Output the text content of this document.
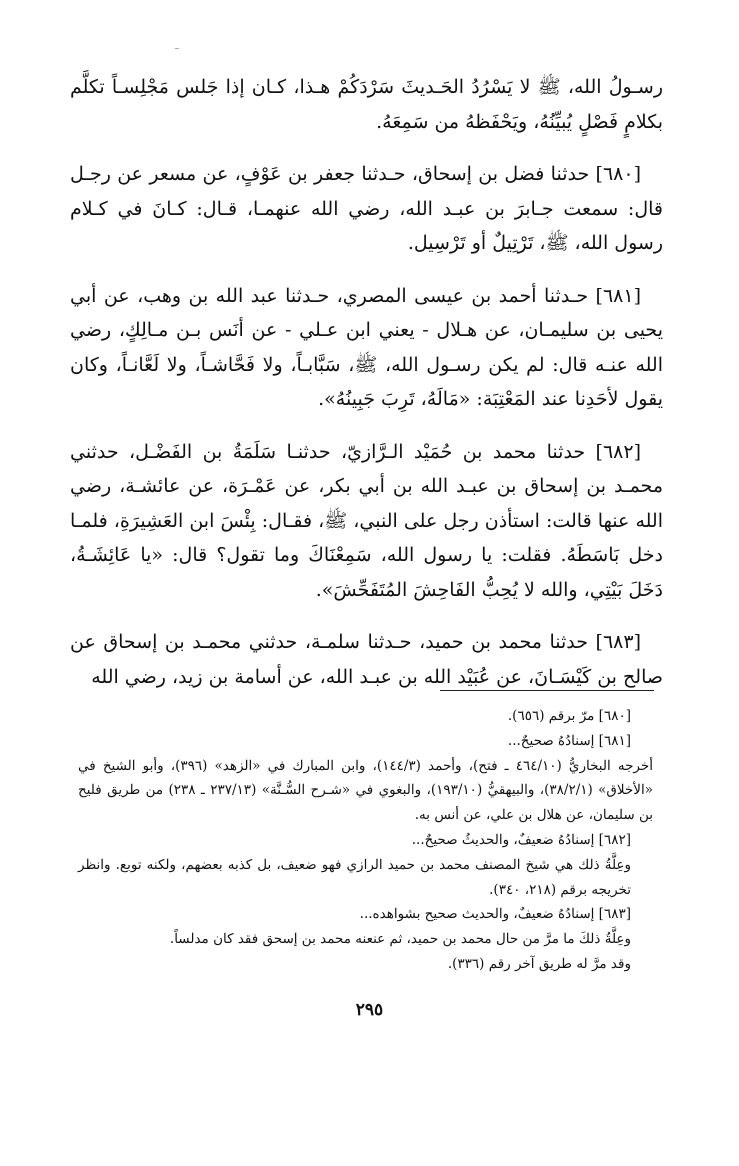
رسـولُ الله، ﷺ لا يَسْرُدُ الحَـديثَ سَرْدَكُمْ هـذا، كـان إذا جَلس مَجْلِسـاً تكلَّم بكلامٍ فَصْلٍ يُبيِّنُهُ، ويَحْفَظهُ من سَمِعَهُ.

[٦٨٠] حدثنا فضل بن إسحاق، حـدثنا جعفر بن عَوْفٍ، عن مسعر عن رجـل قال: سمعت جـابرَ بن عبـد الله، رضي الله عنهمـا، قـال: كـانَ في كـلام رسول الله، ﷺ، تَرْتِيلٌ أو تَرْسِيل.

[٦٨١] حـدثنا أحمد بن عيسى المصري، حـدثنا عبد الله بن وهب، عن أبي يحيى بن سليمـان، عن هـلال - يعني ابن عـلي - عن أنَس بـن مـالِكٍ، رضي الله عنـه قال: لم يكن رسـول الله، ﷺ، سَبَّابـاً، ولا فَحَّاشـاً، ولا لَعَّانـاً، وكان يقول لأحَدِنا عند المَعْتِبَة: «مَالَهُ، تَرِبَ جَبِينُهُ».

[٦٨٢] حدثنا محمد بن حُمَيْد الـرَّازيّ، حدثنـا سَلَمَةُ بن الفَضْـل، حدثني محمـد بن إسحاق بن عبـد الله بن أبي بكر، عن عَمْـرَة، عن عائشـة، رضي الله عنها قالت: استأذن رجل على النبي، ﷺ، فقـال: بِئْسَ ابن العَشِيرَةِ، فلمـا دخل بَاسَطَهُ. فقلت: يا رسول الله، سَمِعْنَاكَ وما تقول؟ قال: «يا عَائِشَـةُ، دَخَلَ بَيْتِي، والله لا يُحِبُّ الفَاحِشَ المُتَفَحِّشَ».

[٦٨٣] حدثنا محمد بن حميد، حـدثنا سلمـة، حدثني محمـد بن إسحاق عن صالح بن كَيْسَـانَ، عن عُبَيْد الله بن عبـد الله، عن أسامة بن زيد، رضي الله

[٦٨٠] مرّ برقم (٦٥٦).

[٦٨١] إسنادُهُ صحيحٌ...

أخرجه البخاريُّ (٤٦٤/١٠ ـ فتح)، وأحمد (١٤٤/٣)، وابن المبارك في «الزهد» (٣٩٦)، وأبو الشيخ في «الأخلاق» (٣٨/٢/١)، والبيهقيُّ (١٩٣/١٠)، والبغوي في «شـرح السُّـنَّة» (٢٣٧/١٣ ـ ٢٣٨) من طريق فليح بن سليمان، عن هلال بن علي، عن أنس به.

[٦٨٢] إسنادُهُ ضعيفٌ، والحديثُ صحيحٌ...

وعِلَّةُ ذلك هي شيخ المصنف محمد بن حميد الرازي فهو ضعيف، بل كذبه بعضهم، ولكنه توبع. وانظر تخريجه برقم (٢١٨، ٣٤٠).

[٦٨٣] إسنادُهُ ضعيفٌ، والحديث صحيح بشواهده...

وعِلَّةُ ذلكَ ما مرَّ من حال محمد بن حميد، ثم عنعنه محمد بن إسحق فقد كان مدلساً.

وقد مرَّ له طريق آخر رقم (٣٣٦).

٢٩٥
